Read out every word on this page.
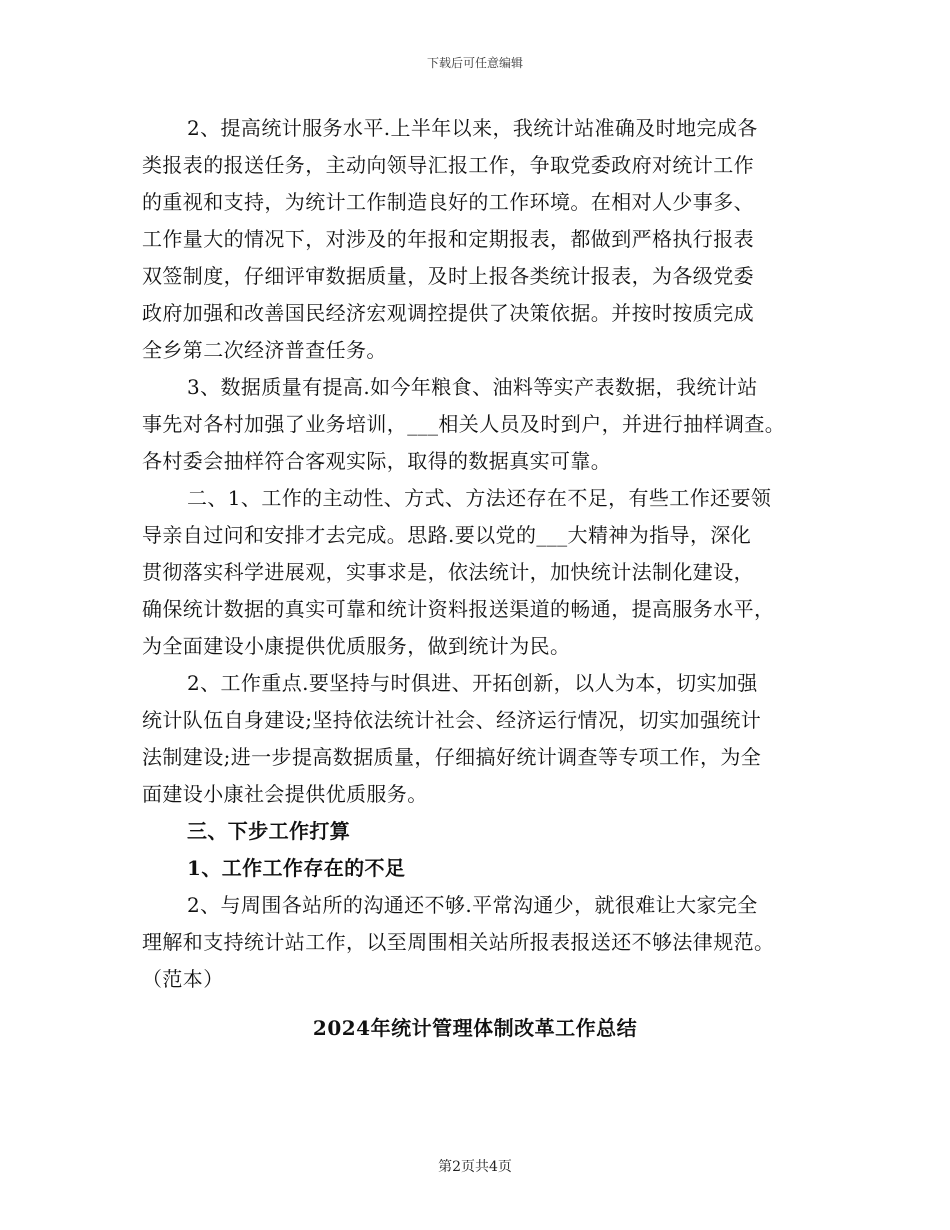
下载后可任意编辑
2、提高统计服务水平.上半年以来，我统计站准确及时地完成各
类报表的报送任务，主动向领导汇报工作，争取党委政府对统计工作
的重视和支持，为统计工作制造良好的工作环境。在相对人少事多、
工作量大的情况下，对涉及的年报和定期报表，都做到严格执行报表
双签制度，仔细评审数据质量，及时上报各类统计报表，为各级党委
政府加强和改善国民经济宏观调控提供了决策依据。并按时按质完成
全乡第二次经济普查任务。
3、数据质量有提高.如今年粮食、油料等实产表数据，我统计站
事先对各村加强了业务培训，___相关人员及时到户，并进行抽样调查。
各村委会抽样符合客观实际，取得的数据真实可靠。
二、1、工作的主动性、方式、方法还存在不足，有些工作还要领
导亲自过问和安排才去完成。思路.要以党的___大精神为指导，深化
贯彻落实科学进展观，实事求是，依法统计，加快统计法制化建设，
确保统计数据的真实可靠和统计资料报送渠道的畅通，提高服务水平，
为全面建设小康提供优质服务，做到统计为民。
2、工作重点.要坚持与时俱进、开拓创新，以人为本，切实加强
统计队伍自身建设;坚持依法统计社会、经济运行情况，切实加强统计
法制建设;进一步提高数据质量，仔细搞好统计调查等专项工作，为全
面建设小康社会提供优质服务。
三、下步工作打算
1、工作工作存在的不足
2、与周围各站所的沟通还不够.平常沟通少，就很难让大家完全
理解和支持统计站工作，以至周围相关站所报表报送还不够法律规范。
（范本）
2024年统计管理体制改革工作总结
第2页共4页
